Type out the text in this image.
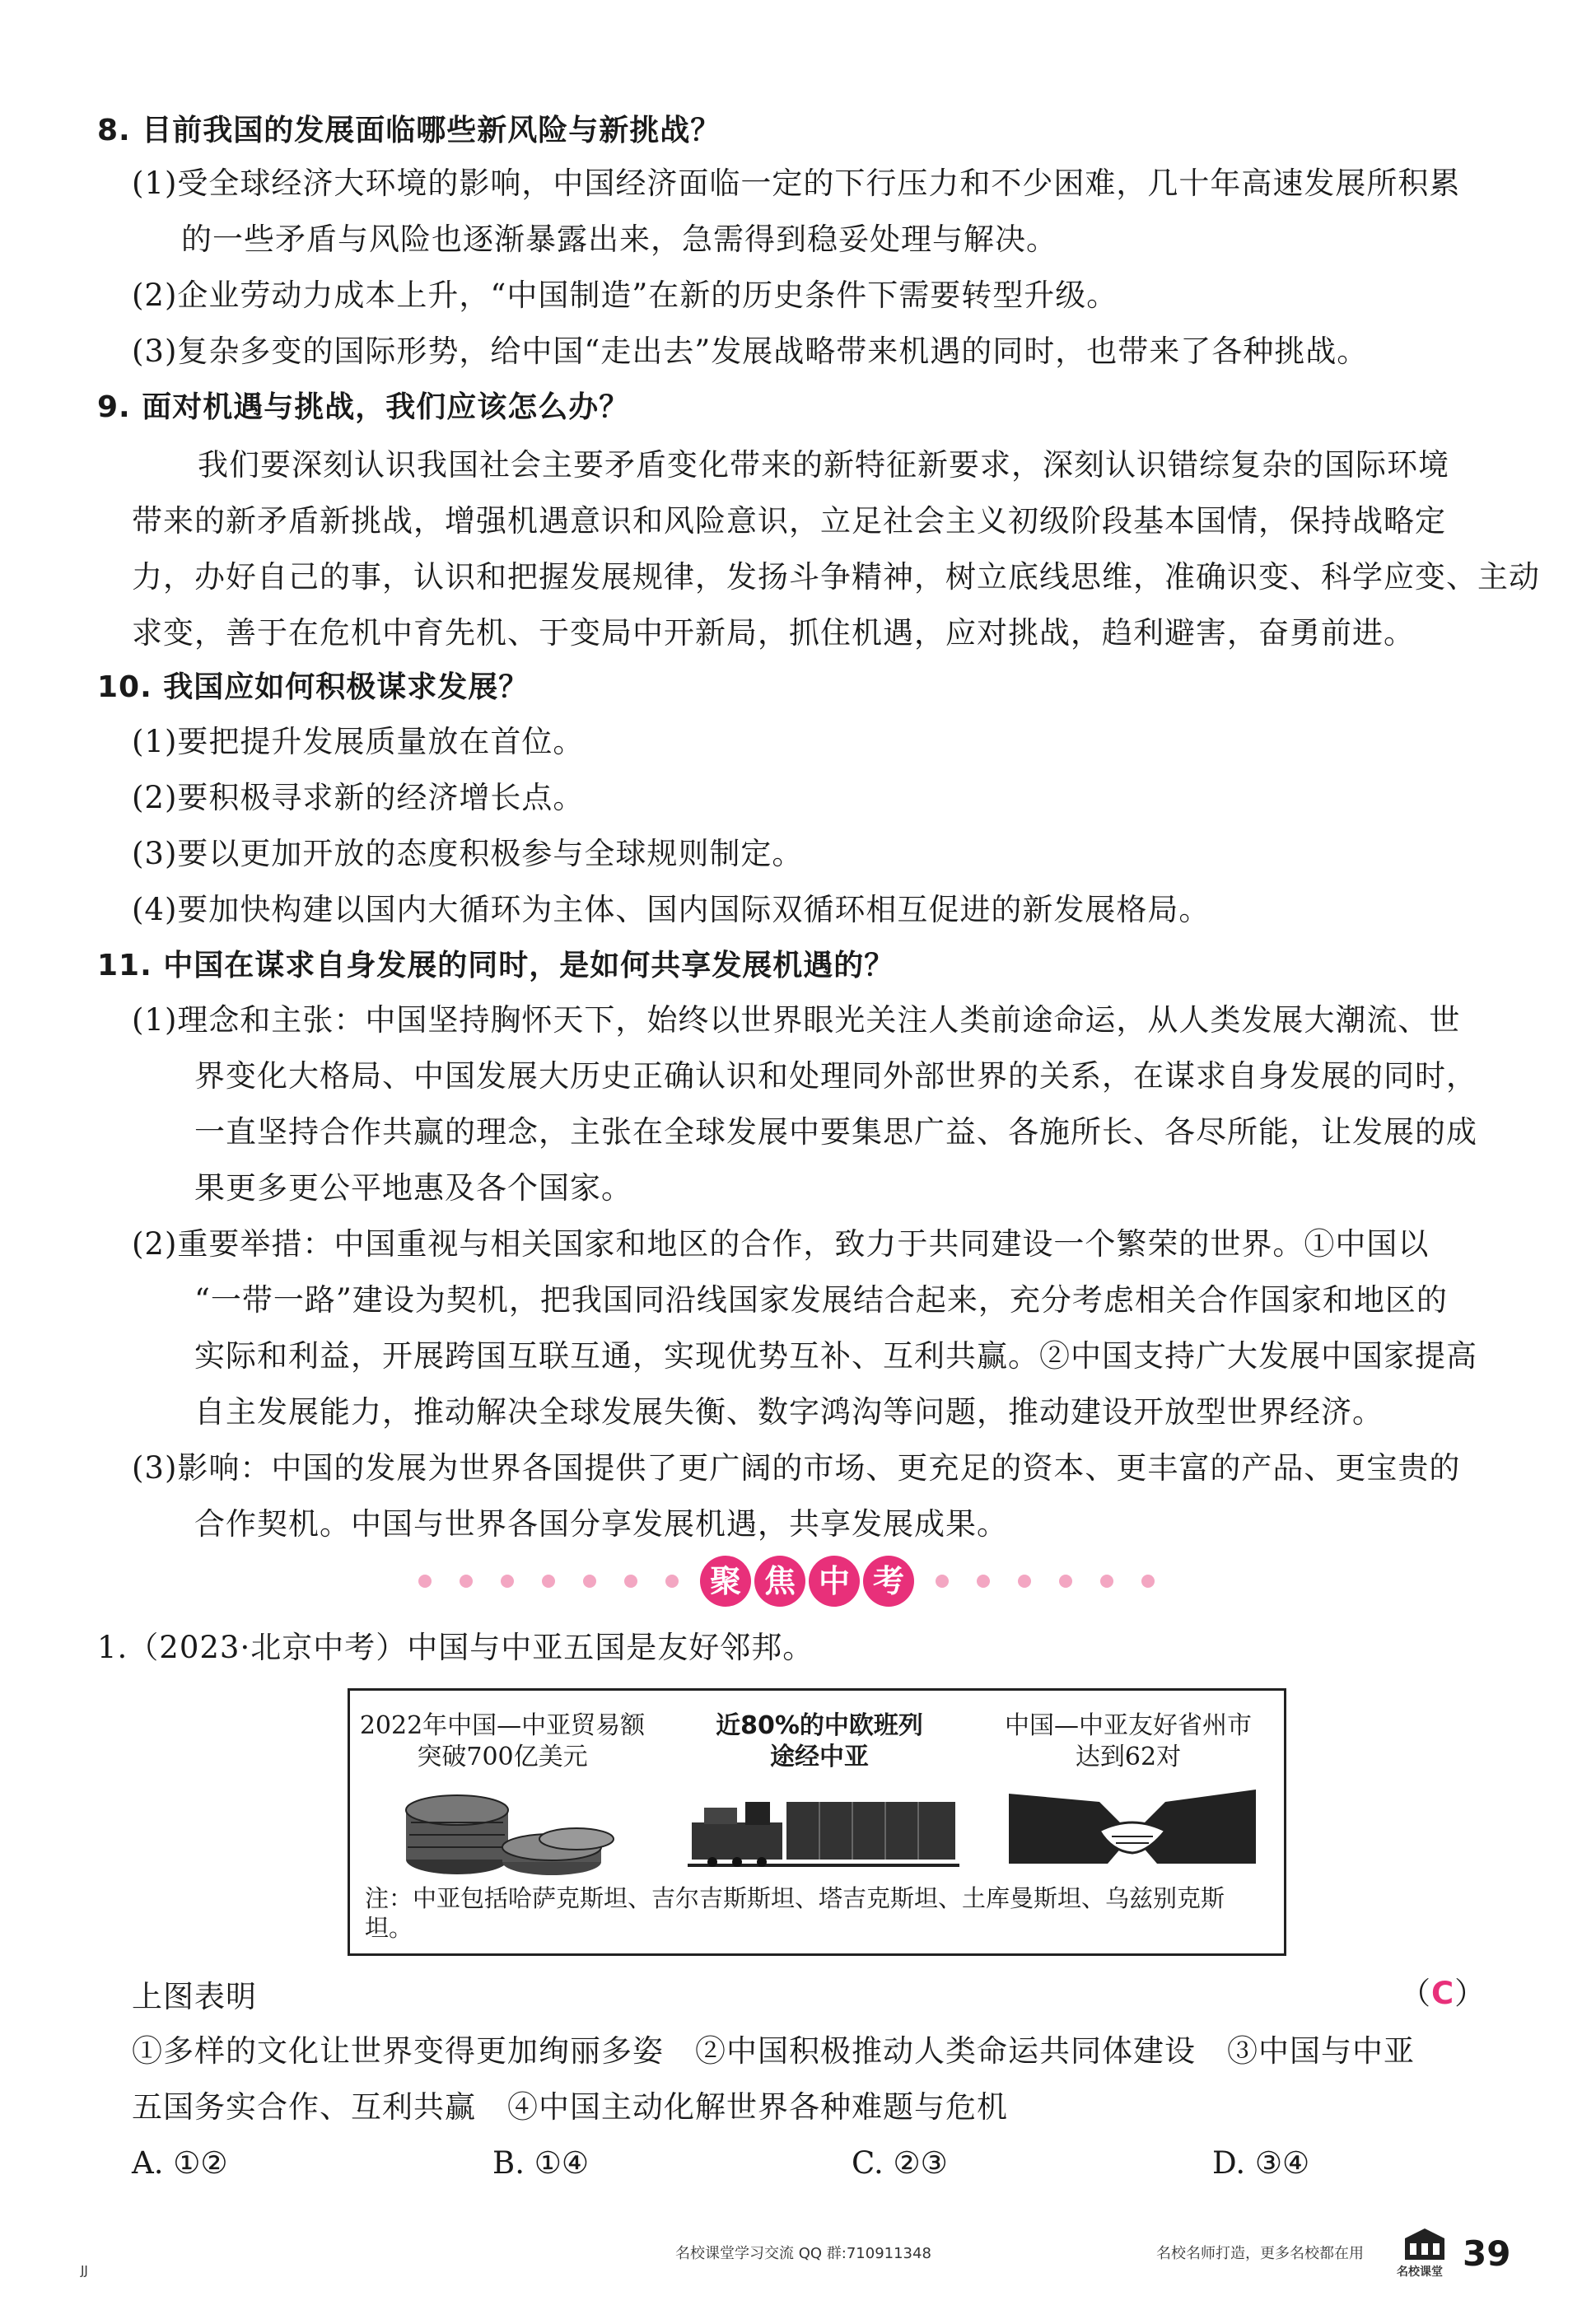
8. 目前我国的发展面临哪些新风险与新挑战？
(1)受全球经济大环境的影响，中国经济面临一定的下行压力和不少困难，几十年高速发展所积累
的一些矛盾与风险也逐渐暴露出来，急需得到稳妥处理与解决。
(2)企业劳动力成本上升，“中国制造”在新的历史条件下需要转型升级。
(3)复杂多变的国际形势，给中国“走出去”发展战略带来机遇的同时，也带来了各种挑战。
9. 面对机遇与挑战，我们应该怎么办？
我们要深刻认识我国社会主要矛盾变化带来的新特征新要求，深刻认识错综复杂的国际环境
带来的新矛盾新挑战，增强机遇意识和风险意识，立足社会主义初级阶段基本国情，保持战略定
力，办好自己的事，认识和把握发展规律，发扬斗争精神，树立底线思维，准确识变、科学应变、主动
求变，善于在危机中育先机、于变局中开新局，抓住机遇，应对挑战，趋利避害，奋勇前进。
10. 我国应如何积极谋求发展？
(1)要把提升发展质量放在首位。
(2)要积极寻求新的经济增长点。
(3)要以更加开放的态度积极参与全球规则制定。
(4)要加快构建以国内大循环为主体、国内国际双循环相互促进的新发展格局。
11. 中国在谋求自身发展的同时，是如何共享发展机遇的？
(1)理念和主张：中国坚持胸怀天下，始终以世界眼光关注人类前途命运，从人类发展大潮流、世
界变化大格局、中国发展大历史正确认识和处理同外部世界的关系，在谋求自身发展的同时，
一直坚持合作共赢的理念，主张在全球发展中要集思广益、各施所长、各尽所能，让发展的成
果更多更公平地惠及各个国家。
(2)重要举措：中国重视与相关国家和地区的合作，致力于共同建设一个繁荣的世界。①中国以
“一带一路”建设为契机，把我国同沿线国家发展结合起来，充分考虑相关合作国家和地区的
实际和利益，开展跨国互联互通，实现优势互补、互利共赢。②中国支持广大发展中国家提高
自主发展能力，推动解决全球发展失衡、数字鸿沟等问题，推动建设开放型世界经济。
(3)影响：中国的发展为世界各国提供了更广阔的市场、更充足的资本、更丰富的产品、更宝贵的
合作契机。中国与世界各国分享发展机遇，共享发展成果。
聚 焦 中 考
1.（2023·北京中考）中国与中亚五国是友好邻邦。
2022年中国—中亚贸易额
突破700亿美元
近80%的中欧班列
途经中亚
中国—中亚友好省州市
达到62对
注：中亚包括哈萨克斯坦、吉尔吉斯斯坦、塔吉克斯坦、土库曼斯坦、乌兹别克斯坦。
上图表明	（C）
①多样的文化让世界变得更加绚丽多姿　②中国积极推动人类命运共同体建设　③中国与中亚
五国务实合作、互利共赢　④中国主动化解世界各种难题与危机
A. ①②	B. ①④	C. ②③	D. ③④
JJ
名校课堂学习交流 QQ 群:710911348	名校名师打造，更多名校都在用
名校课堂 39
